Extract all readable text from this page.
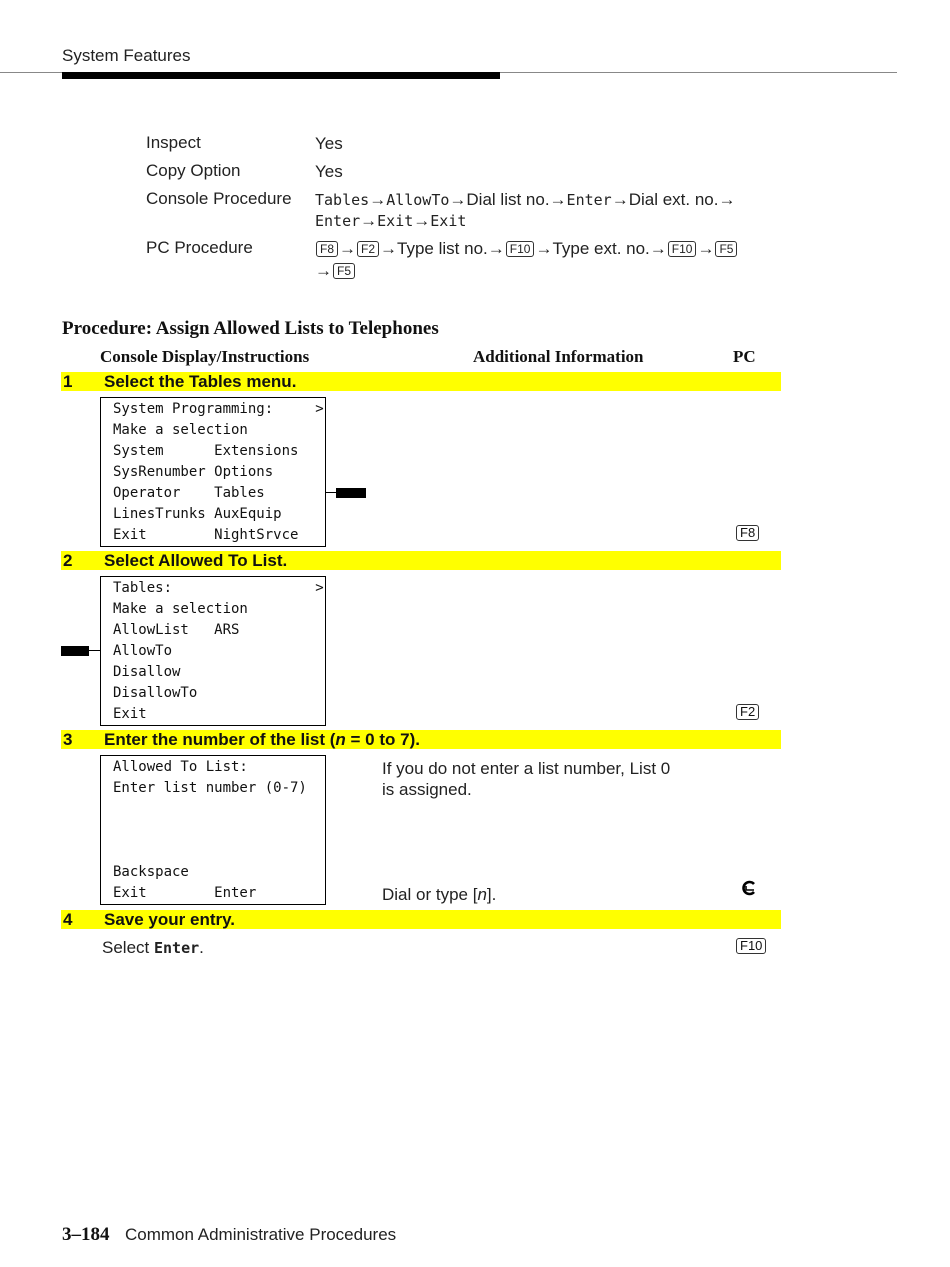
System Features
Inspect	Yes
Copy Option	Yes
Console Procedure Tables→AllowTo→Dial list no.→Enter→Dial ext. no.→
Enter→Exit→Exit
PC Procedure	F8 → F2 →Type list no.→ F10 →Type ext. no.→ F10 → F5
→ F5
Procedure: Assign Allowed Lists to Telephones
Console Display/Instructions	Additional Information	PC
1 Select the Tables menu.
System Programming:     >
Make a selection
System      Extensions
SysRenumber Options
Operator    Tables
LinesTrunks AuxEquip
Exit        NightSrvce	F8
2 Select Allowed To List.
Tables:                 >
Make a selection
AllowList   ARS
AllowTo
Disallow
DisallowTo
Exit	F2
3 Enter the number of the list (n = 0 to 7).
Allowed To List:
Enter list number (0-7)
Backspace
Exit        Enter
If you do not enter a list number, List 0
is assigned.
Dial or type [n].
4 Save your entry.
Select Enter.	F10
3–184 Common Administrative Procedures
